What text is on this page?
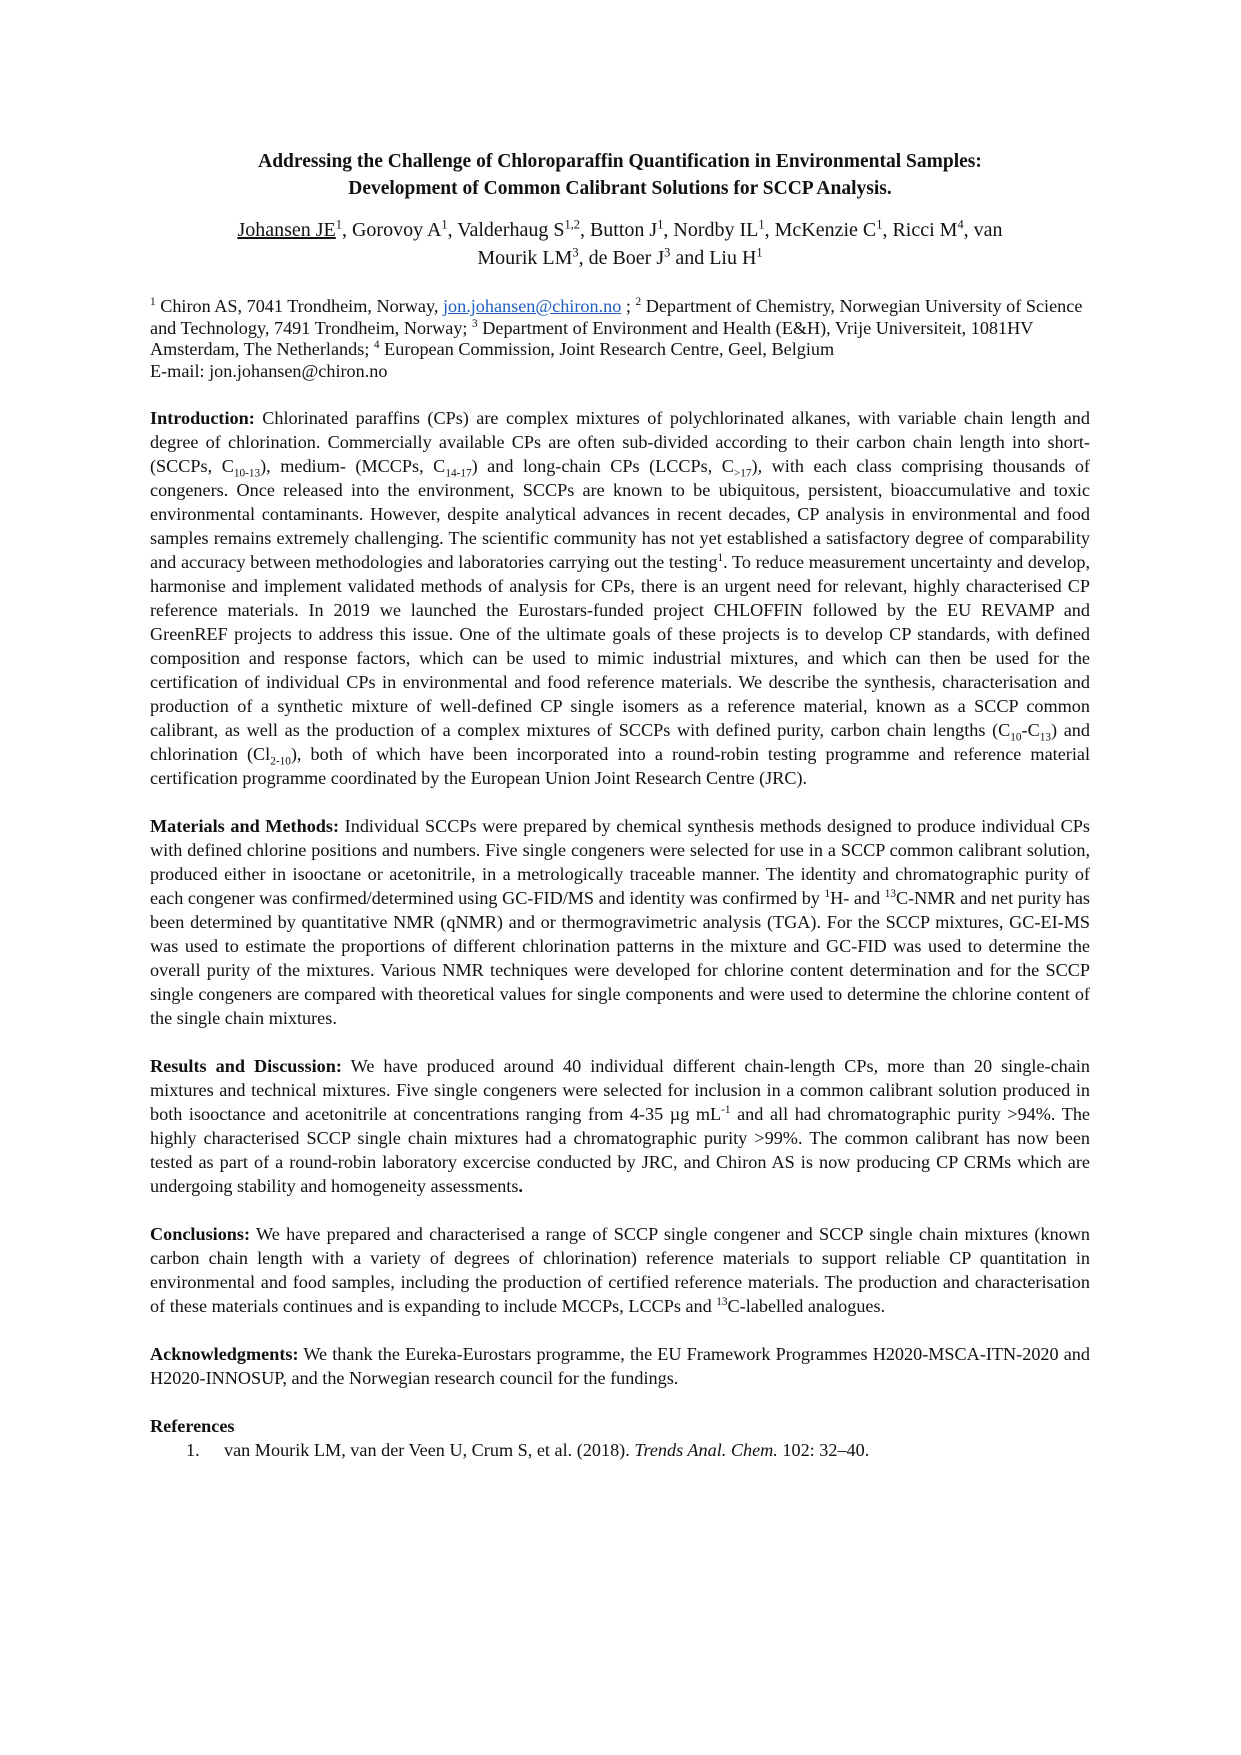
Addressing the Challenge of Chloroparaffin Quantification in Environmental Samples:
Development of Common Calibrant Solutions for SCCP Analysis.
Johansen $JE^1$, Gorovoy $A^1$, Valderhaug S$^{1,2}$, Button $J^1$, Nordby $IL^1$, McKenzie $C^1$, Ricci $M^4$, van
Mourik $LM^3$, de Boer $J^3$ and Liu $H^1$
$^1$ Chiron AS, 7041 Trondheim, Norway, jon.johansen@chiron.no ; $^2$ Department of Chemistry, Norwegian University of Science and Technology, 7491 Trondheim, Norway; $^3$ Department of Environment and Health (E&H), Vrije Universiteit, 1081HV Amsterdam, The Netherlands; $^4$ European Commission, Joint Research Centre, Geel, Belgium
E-mail: jon.johansen@chiron.no
Introduction: Chlorinated paraffins (CPs) are complex mixtures of polychlorinated alkanes, with variable chain length and degree of chlorination. Commercially available CPs are often sub-divided according to their carbon chain length into short- (SCCPs, $C_{10-13}$), medium- (MCCPs, $C_{14-17}$) and long-chain CPs (LCCPs, $C_{>17}$), with each class comprising thousands of congeners. Once released into the environment, SCCPs are known to be ubiquitous, persistent, bioaccumulative and toxic environmental contaminants. However, despite analytical advances in recent decades, CP analysis in environmental and food samples remains extremely challenging. The scientific community has not yet established a satisfactory degree of comparability and accuracy between methodologies and laboratories carrying out the testing$^1$. To reduce measurement uncertainty and develop, harmonise and implement validated methods of analysis for CPs, there is an urgent need for relevant, highly characterised CP reference materials. In 2019 we launched the Eurostars-funded project CHLOFFIN followed by the EU REVAMP and GreenREF projects to address this issue. One of the ultimate goals of these projects is to develop CP standards, with defined composition and response factors, which can be used to mimic industrial mixtures, and which can then be used for the certification of individual CPs in environmental and food reference materials. We describe the synthesis, characterisation and production of a synthetic mixture of well-defined CP single isomers as a reference material, known as a SCCP common calibrant, as well as the production of a complex mixtures of SCCPs with defined purity, carbon chain lengths $(C_{10}-C_{13})$ and chlorination $(Cl_{2-10})$, both of which have been incorporated into a round-robin testing programme and reference material certification programme coordinated by the European Union Joint Research Centre (JRC).
Materials and Methods: Individual SCCPs were prepared by chemical synthesis methods designed to produce individual CPs with defined chlorine positions and numbers. Five single congeners were selected for use in a SCCP common calibrant solution, produced either in isooctane or acetonitrile, in a metrologically traceable manner. The identity and chromatographic purity of each congener was confirmed/determined using GC-FID/MS and identity was confirmed by $^1$H- and $^{13}$C-NMR and net purity has been determined by quantitative NMR (qNMR) and or thermogravimetric analysis (TGA). For the SCCP mixtures, GC-EI-MS was used to estimate the proportions of different chlorination patterns in the mixture and GC-FID was used to determine the overall purity of the mixtures. Various NMR techniques were developed for chlorine content determination and for the SCCP single congeners are compared with theoretical values for single components and were used to determine the chlorine content of the single chain mixtures.
Results and Discussion: We have produced around 40 individual different chain-length CPs, more than 20 single-chain mixtures and technical mixtures. Five single congeners were selected for inclusion in a common calibrant solution produced in both isooctance and acetonitrile at concentrations ranging from 4-35 µg $mL^{-1}$ and all had chromatographic purity >94%. The highly characterised SCCP single chain mixtures had a chromatographic purity >99%. The common calibrant has now been tested as part of a round-robin laboratory excercise conducted by JRC, and Chiron AS is now producing CP CRMs which are undergoing stability and homogeneity assessments.
Conclusions: We have prepared and characterised a range of SCCP single congener and SCCP single chain mixtures (known carbon chain length with a variety of degrees of chlorination) reference materials to support reliable CP quantitation in environmental and food samples, including the production of certified reference materials. The production and characterisation of these materials continues and is expanding to include MCCPs, LCCPs and $^{13}$C-labelled analogues.
Acknowledgments: We thank the Eureka-Eurostars programme, the EU Framework Programmes H2020-MSCA-ITN-2020 and H2020-INNOSUP, and the Norwegian research council for the fundings.
References
1.	van Mourik LM, van der Veen U, Crum S, et al. (2018). Trends Anal. Chem. 102: 32–40.
